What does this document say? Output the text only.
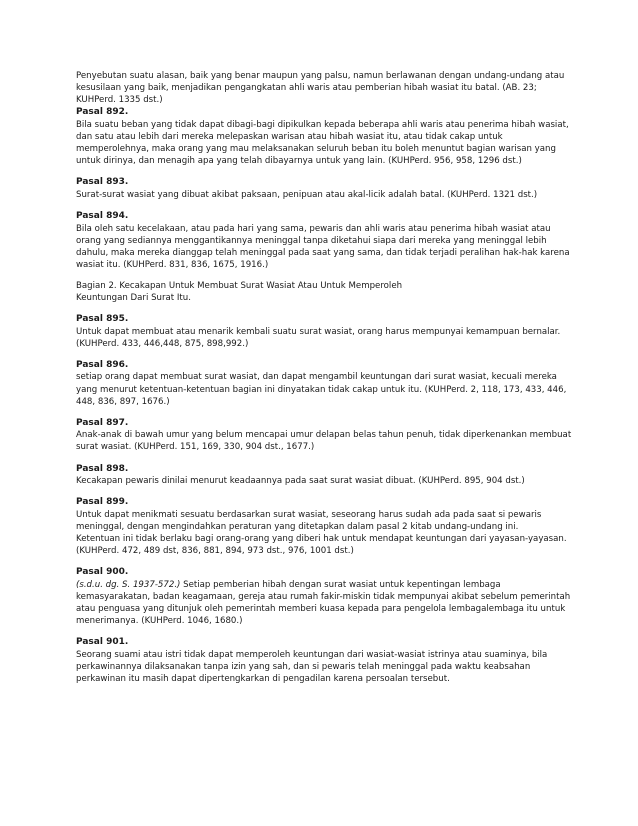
Penyebutan suatu alasan, baik yang benar maupun yang palsu, namun berlawanan dengan undang-undang atau kesusilaan yang baik, menjadikan pengangkatan ahli waris atau pemberian hibah wasiat itu batal. (AB. 23; KUHPerd. 1335 dst.)

Pasal 892.

Bila suatu beban yang tidak dapat dibagi-bagi dipikulkan kepada beberapa ahli waris atau penerima hibah wasiat, dan satu atau lebih dari mereka melepaskan warisan atau hibah wasiat itu, atau tidak cakap untuk memperolehnya, maka orang yang mau melaksanakan seluruh beban itu boleh menuntut bagian warisan yang untuk dirinya, dan menagih apa yang telah dibayarnya untuk yang lain. (KUHPerd. 956, 958, 1296 dst.)

Pasal 893.

Surat-surat wasiat yang dibuat akibat paksaan, penipuan atau akal-licik adalah batal. (KUHPerd. 1321 dst.)

Pasal 894.

Bila oleh satu kecelakaan, atau pada hari yang sama, pewaris dan ahli waris atau penerima hibah wasiat atau orang yang sediannya menggantikannya meninggal tanpa diketahui siapa dari mereka yang meninggal lebih dahulu, maka mereka dianggap telah meninggal pada saat yang sama, dan tidak terjadi peralihan hak-hak karena wasiat itu. (KUHPerd. 831, 836, 1675, 1916.)

Bagian 2. Kecakapan Untuk Membuat Surat Wasiat Atau Untuk Memperoleh
Keuntungan Dari Surat Itu.
Pasal 895.

Untuk dapat membuat atau menarik kembali suatu surat wasiat, orang harus mempunyai kemampuan bernalar. (KUHPerd. 433, 446,448, 875, 898,992.)

Pasal 896.

setiap orang dapat membuat surat wasiat, dan dapat mengambil keuntungan dari surat wasiat, kecuali mereka yang menurut ketentuan-ketentuan bagian ini dinyatakan tidak cakap untuk itu. (KUHPerd. 2, 118, 173, 433, 446, 448, 836, 897, 1676.)

Pasal 897.

Anak-anak di bawah umur yang belum mencapai umur delapan belas tahun penuh, tidak diperkenankan membuat surat wasiat. (KUHPerd. 151, 169, 330, 904 dst., 1677.)

Pasal 898.

Kecakapan pewaris dinilai menurut keadaannya pada saat surat wasiat dibuat. (KUHPerd. 895, 904 dst.)

Pasal 899.

Untuk dapat menikmati sesuatu berdasarkan surat wasiat, seseorang harus sudah ada pada saat si pewaris meninggal, dengan mengindahkan peraturan yang ditetapkan dalam pasal 2 kitab undang-undang ini.

Ketentuan ini tidak berlaku bagi orang-orang yang diberi hak untuk mendapat keuntungan dari yayasan-yayasan. (KUHPerd. 472, 489 dst, 836, 881, 894, 973 dst., 976, 1001 dst.)

Pasal 900.

(s.d.u. dg. S. 1937-572.) Setiap pemberian hibah dengan surat wasiat untuk kepentingan lembaga kemasyarakatan, badan keagamaan, gereja atau rumah fakir-miskin tidak mempunyai akibat sebelum pemerintah atau penguasa yang ditunjuk oleh pemerintah memberi kuasa kepada para pengelola lembagalembaga itu untuk menerimanya. (KUHPerd. 1046, 1680.)

Pasal 901.

Seorang suami atau istri tidak dapat memperoleh keuntungan dari wasiat-wasiat istrinya atau suaminya, bila perkawinannya dilaksanakan tanpa izin yang sah, dan si pewaris telah meninggal pada waktu keabsahan perkawinan itu masih dapat dipertengkarkan di pengadilan karena persoalan tersebut.
